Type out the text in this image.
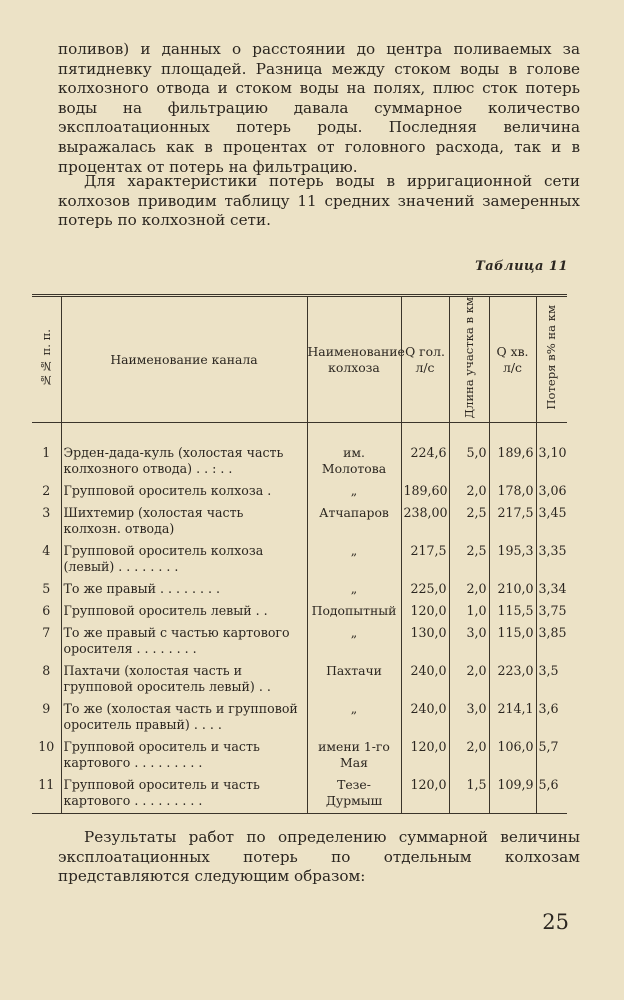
поливов) и данных о расстоянии до центра поливаемых за пятидневку площадей. Разница между стоком воды в голове колхозного отвода и стоком воды на полях, плюс сток потерь воды на фильтрацию давала суммарное количество эксплоатационных потерь роды. Последняя величина выражалась как в процентах от головного расхода, так и в процентах от потерь на фильтрацию.

Для характеристики потерь воды в ирригационной сети колхозов приводим таблицу 11 средних значений замеренных потерь по колхозной сети.

Таблица 11
№№ п. п.	Наименование канала	Наименование колхоза	Q гол. л/с	Длина участка в км	Q хв. л/с	Потеря в% на км

1	Эрден-дада-куль (холостая часть колхозного отвода) . . : . .	им. Молотова	224,6	5,0	189,6	3,10
2	Групповой ороситель колхоза .	„	189,60	2,0	178,0	3,06
3	Шихтемир (холостая часть колхозн. отвода)	Атчапаров	238,00	2,5	217,5	3,45
4	Групповой ороситель колхоза (левый) . . . . . . . .	„	217,5	2,5	195,3	3,35
5	То же правый . . . . . . . .	„	225,0	2,0	210,0	3,34
6	Групповой ороситель левый . .	Подопытный	120,0	1,0	115,5	3,75
7	То же правый с частью картового оросителя . . . . . . . .	„	130,0	3,0	115,0	3,85
8	Пахтачи (холостая часть и групповой ороситель левый) . .	Пахтачи	240,0	2,0	223,0	3,5
9	То же (холостая часть и групповой ороситель правый) . . . .	„	240,0	3,0	214,1	3,6
10	Групповой ороситель и часть картового . . . . . . . . .	имени 1-го Мая	120,0	2,0	106,0	5,7
11	Групповой ороситель и часть картового . . . . . . . . .	Тезе-Дурмыш	120,0	1,5	109,9	5,6

Результаты работ по определению суммарной величины эксплоатационных потерь по отдельным колхозам представляются следующим образом:

25
